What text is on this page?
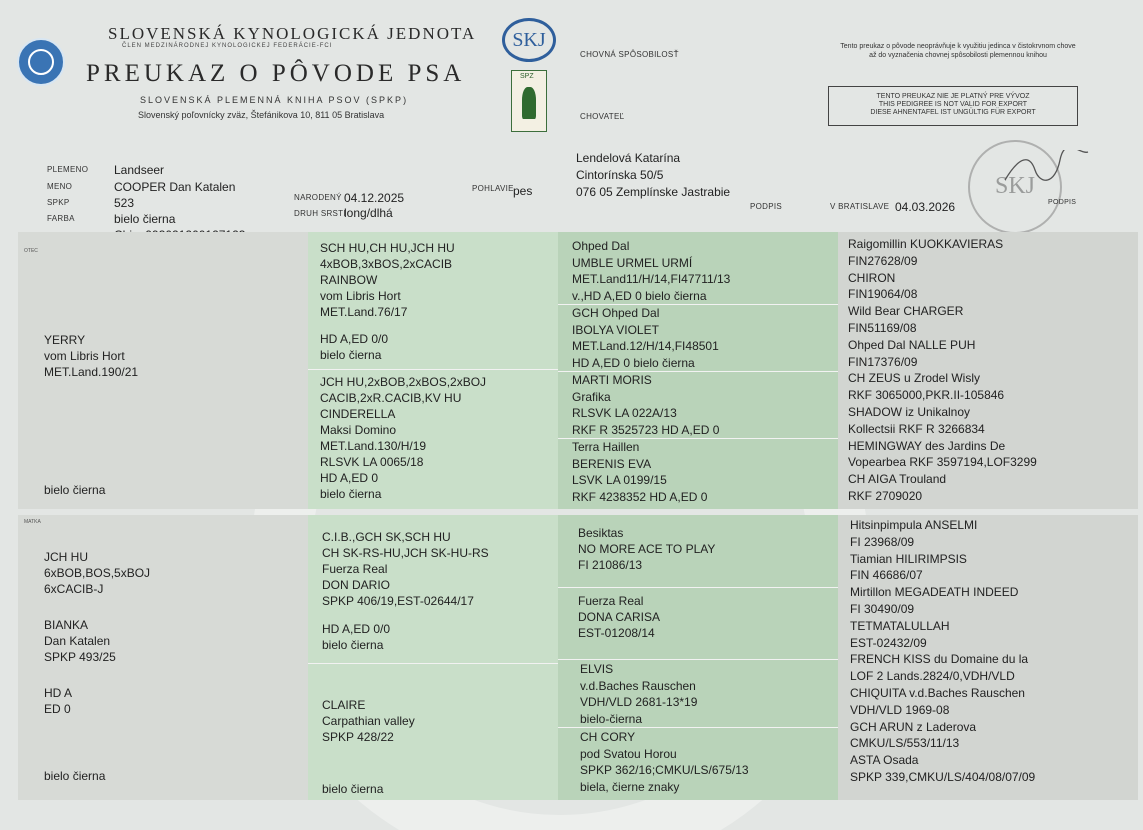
SLOVENSKÁ KYNOLOGICKÁ JEDNOTA
ČLEN MEDZINÁRODNEJ KYNOLOGICKEJ FEDERÁCIE-FCI
PREUKAZ O PÔVODE PSA
SLOVENSKÁ PLEMENNÁ KNIHA PSOV (SPKP)
Slovenský poľovnícky zväz, Štefánikova 10, 811 05 Bratislava
SKJ
SPZ
CHOVNÁ SPÔSOBILOSŤ
CHOVATEĽ
Tento preukaz o pôvode neoprávňuje k využitiu jedinca v čistokrvnom chove až do vyznačenia chovnej spôsobilosti plemennou knihou
TENTO PREUKAZ NIE JE PLATNÝ PRE VÝVOZ
THIS PEDIGREE IS NOT VALID FOR EXPORT
DIESE AHNENTAFEL IST UNGÜLTIG FÜR EXPORT
PLEMENO Landseer
MENO	COOPER Dan Katalen
SPKP	523
FARBA	bielo čierna
NARODENÝ 04.12.2025
DRUH SRSTI
long/dlhá
POHLAVIE pes
Lendelová Katarína
Cintorínska 50/5
076 05 Zemplínske Jastrabie
PODPIS	V BRATISLAVE 04.03.2026
SKJ
PODPIS
OTEC
YERRY
vom Libris Hort
MET.Land.190/21
bielo čierna
SCH HU,CH HU,JCH HU
4xBOB,3xBOS,2xCACIB
RAINBOW
vom Libris Hort
MET.Land.76/17
HD A,ED 0/0
bielo čierna
JCH HU,2xBOB,2xBOS,2xBOJ
CACIB,2xR.CACIB,KV HU
CINDERELLA
Maksi Domino
MET.Land.130/H/19
RLSVK LA 0065/18
HD A,ED 0
bielo čierna
Ohped Dal
UMBLE URMEL URMÍ
MET.Land11/H/14,FI47711/13
v.,HD A,ED 0 bielo čierna
GCH Ohped Dal
IBOLYA VIOLET
MET.Land.12/H/14,FI48501
HD A,ED 0 bielo čierna
MARTI MORIS
Grafika
RLSVK LA 022A/13
RKF R 3525723 HD A,ED 0
Terra Haillen
BERENIS EVA
LSVK LA 0199/15
RKF 4238352 HD A,ED 0
Raigomillin KUOKKAVIERAS
FIN27628/09
CHIRON
FIN19064/08
Wild Bear CHARGER
FIN51169/08
Ohped Dal NALLE PUH
FIN17376/09
CH ZEUS u Zrodel Wisly
RKF 3065000,PKR.II-105846
SHADOW iz Unikalnoy
Kollectsii RKF R 3266834
HEMINGWAY des Jardins De
Vopearbea RKF 3597194,LOF3299
CH AIGA Trouland
RKF 2709020
MATKA
JCH HU
6xBOB,BOS,5xBOJ
6xCACIB-J
BIANKA
Dan Katalen
SPKP 493/25
HD A
ED 0
bielo čierna
C.I.B.,GCH SK,SCH HU
CH SK-RS-HU,JCH SK-HU-RS
Fuerza Real
DON DARIO
SPKP 406/19,EST-02644/17
HD A,ED 0/0
bielo čierna
CLAIRE
Carpathian valley
SPKP 428/22
bielo čierna
Besiktas
NO MORE ACE TO PLAY
FI 21086/13
Fuerza Real
DONA CARISA
EST-01208/14
ELVIS
v.d.Baches Rauschen
VDH/VLD 2681-13*19
bielo-čierna
CH CORY
pod Svatou Horou
SPKP 362/16;CMKU/LS/675/13
biela, čierne znaky
Hitsinpimpula ANSELMI
FI 23968/09
Tiamian HILIRIMPSIS
FIN 46686/07
Mirtillon MEGADEATH INDEED
FI 30490/09
TETMATALULLAH
EST-02432/09
FRENCH KISS du Domaine du la
LOF 2 Lands.2824/0,VDH/VLD
CHIQUITA v.d.Baches Rauschen
VDH/VLD 1969-08
GCH ARUN z Laderova
CMKU/LS/553/11/13
ASTA Osada
SPKP 339,CMKU/LS/404/08/07/09
